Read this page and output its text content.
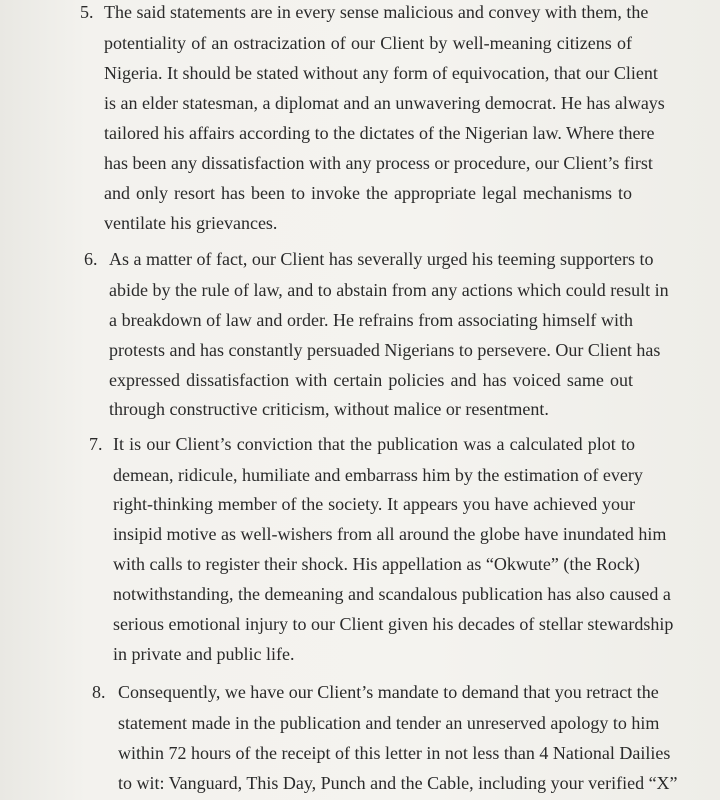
5. The said statements are in every sense malicious and convey with them, the
potentiality of an ostracization of our Client by well-meaning citizens of
Nigeria. It should be stated without any form of equivocation, that our Client
is an elder statesman, a diplomat and an unwavering democrat. He has always
tailored his affairs according to the dictates of the Nigerian law. Where there
has been any dissatisfaction with any process or procedure, our Client’s first
and only resort has been to invoke the appropriate legal mechanisms to
ventilate his grievances.
6. As a matter of fact, our Client has severally urged his teeming supporters to
abide by the rule of law, and to abstain from any actions which could result in
a breakdown of law and order. He refrains from associating himself with
protests and has constantly persuaded Nigerians to persevere. Our Client has
expressed dissatisfaction with certain policies and has voiced same out
through constructive criticism, without malice or resentment.
7. It is our Client’s conviction that the publication was a calculated plot to
demean, ridicule, humiliate and embarrass him by the estimation of every
right-thinking member of the society. It appears you have achieved your
insipid motive as well-wishers from all around the globe have inundated him
with calls to register their shock. His appellation as “Okwute” (the Rock)
notwithstanding, the demeaning and scandalous publication has also caused a
serious emotional injury to our Client given his decades of stellar stewardship
in private and public life.
8. Consequently, we have our Client’s mandate to demand that you retract the
statement made in the publication and tender an unreserved apology to him
within 72 hours of the receipt of this letter in not less than 4 National Dailies
to wit: Vanguard, This Day, Punch and the Cable, including your verified “X”
